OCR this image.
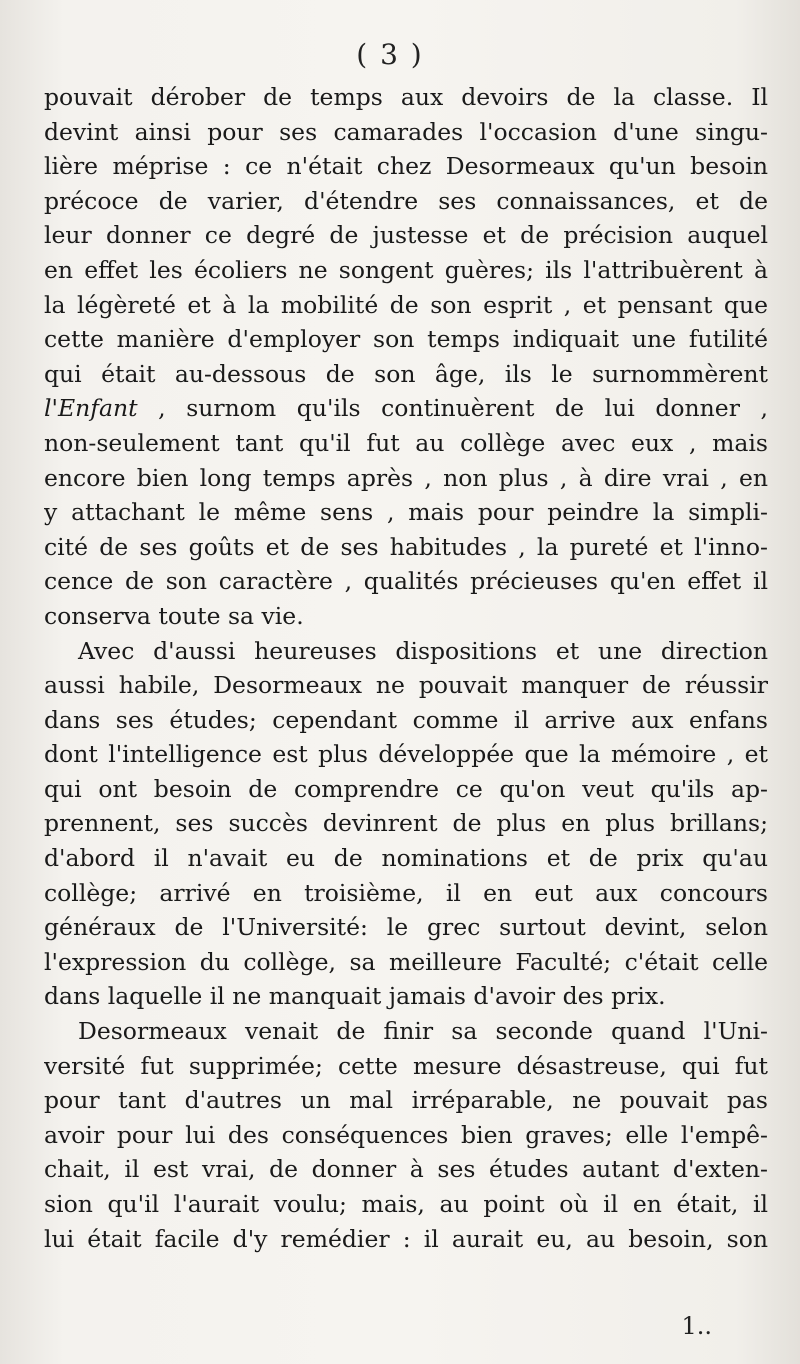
( 3 )
pouvait dérober de temps aux devoirs de la classe. Il
devint ainsi pour ses camarades l'occasion d'une singu-
lière méprise : ce n'était chez Desormeaux qu'un besoin
précoce de varier, d'étendre ses connaissances, et de
leur donner ce degré de justesse et de précision auquel
en effet les écoliers ne songent guères; ils l'attribuèrent à
la légèreté et à la mobilité de son esprit , et pensant que
cette manière d'employer son temps indiquait une futilité
qui était au-dessous de son âge, ils le surnommèrent
l'Enfant , surnom qu'ils continuèrent de lui donner ,
non-seulement tant qu'il fut au collège avec eux , mais
encore bien long temps après , non plus , à dire vrai , en
y attachant le même sens , mais pour peindre la simpli-
cité de ses goûts et de ses habitudes , la pureté et l'inno-
cence de son caractère , qualités précieuses qu'en effet il
conserva toute sa vie.
Avec d'aussi heureuses dispositions et une direction
aussi habile, Desormeaux ne pouvait manquer de réussir
dans ses études; cependant comme il arrive aux enfans
dont l'intelligence est plus développée que la mémoire , et
qui ont besoin de comprendre ce qu'on veut qu'ils ap-
prennent, ses succès devinrent de plus en plus brillans;
d'abord il n'avait eu de nominations et de prix qu'au
collège; arrivé en troisième, il en eut aux concours
généraux de l'Université: le grec surtout devint, selon
l'expression du collège, sa meilleure Faculté; c'était celle
dans laquelle il ne manquait jamais d'avoir des prix.
Desormeaux venait de finir sa seconde quand l'Uni-
versité fut supprimée; cette mesure désastreuse, qui fut
pour tant d'autres un mal irréparable, ne pouvait pas
avoir pour lui des conséquences bien graves; elle l'empê-
chait, il est vrai, de donner à ses études autant d'exten-
sion qu'il l'aurait voulu; mais, au point où il en était, il
lui était facile d'y remédier : il aurait eu, au besoin, son
1..
